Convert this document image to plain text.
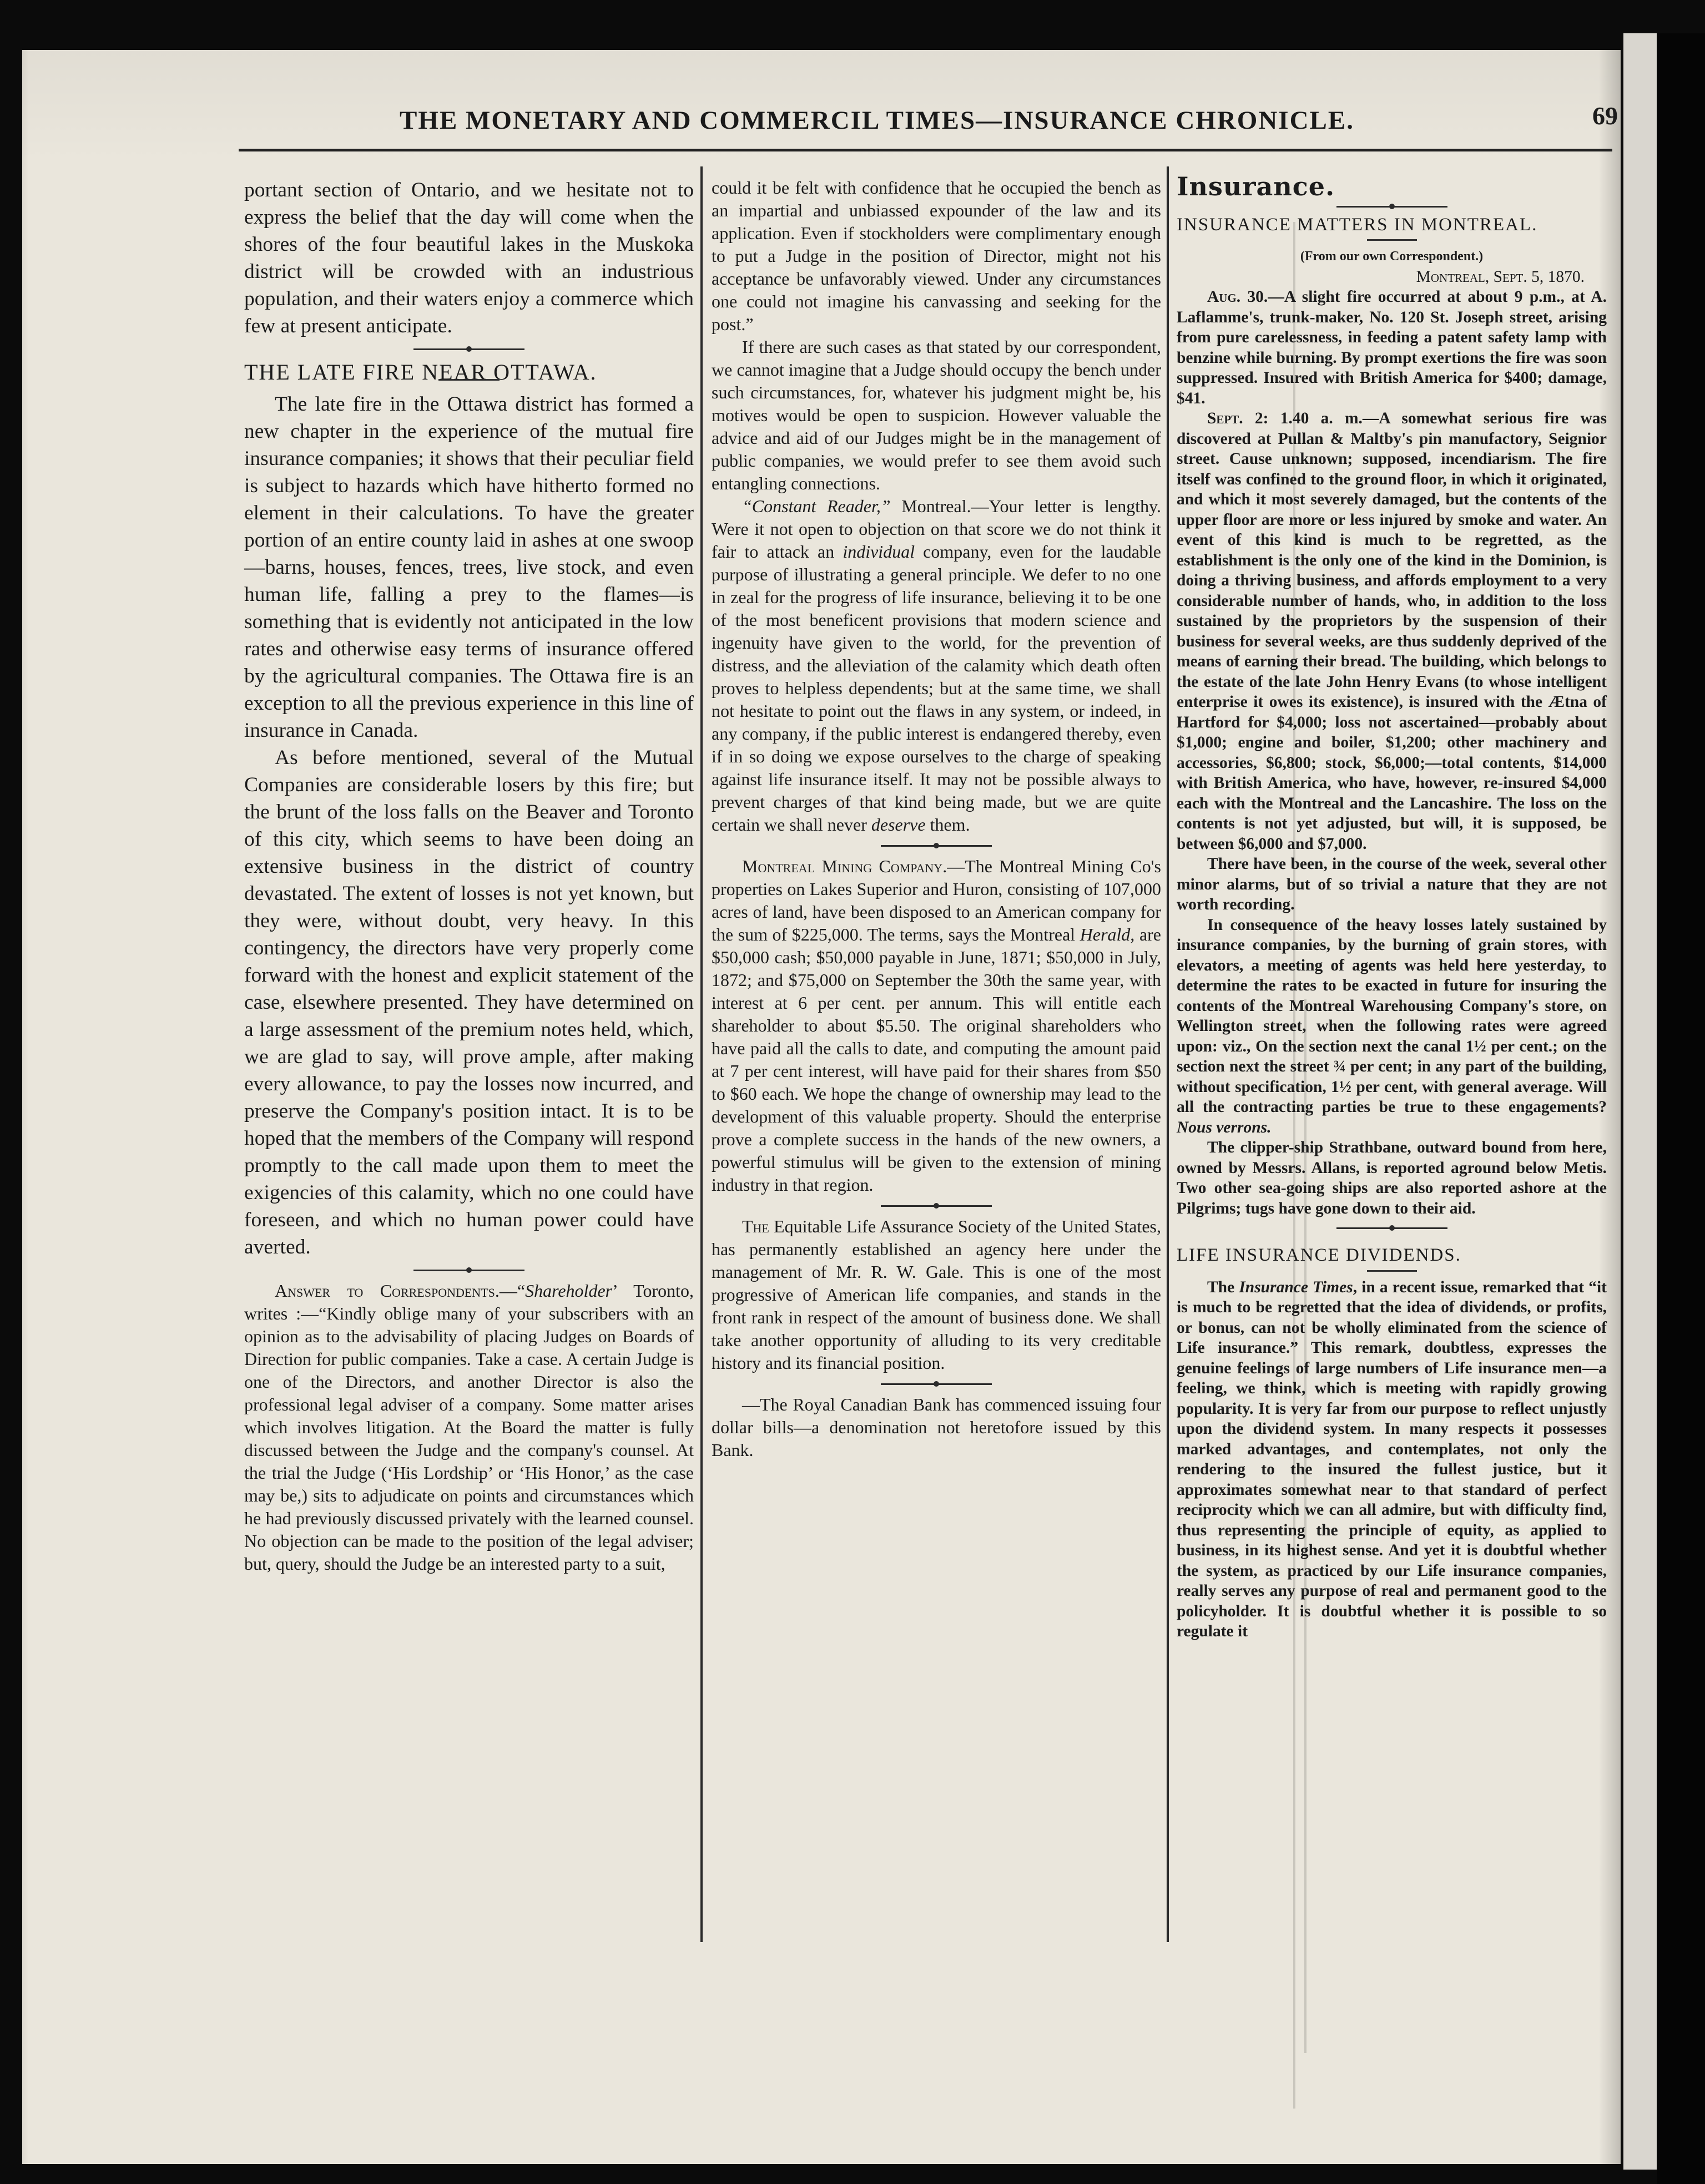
THE MONETARY AND COMMERCIL TIMES—INSURANCE CHRONICLE.	69

portant section of Ontario, and we hesitate not to express the belief that the day will come when the shores of the four beautiful lakes in the Muskoka district will be crowded with an industrious population, and their waters enjoy a commerce which few at present anticipate.

THE LATE FIRE NEAR OTTAWA.

The late fire in the Ottawa district has formed a new chapter in the experience of the mutual fire insurance companies; it shows that their peculiar field is subject to hazards which have hitherto formed no element in their calculations. To have the greater portion of an entire county laid in ashes at one swoop—barns, houses, fences, trees, live stock, and even human life, falling a prey to the flames—is something that is evidently not anticipated in the low rates and otherwise easy terms of insurance offered by the agricultural companies. The Ottawa fire is an exception to all the previous experience in this line of insurance in Canada.

As before mentioned, several of the Mutual Companies are considerable losers by this fire; but the brunt of the loss falls on the Beaver and Toronto of this city, which seems to have been doing an extensive business in the district of country devastated. The extent of losses is not yet known, but they were, without doubt, very heavy. In this contingency, the directors have very properly come forward with the honest and explicit statement of the case, elsewhere presented. They have determined on a large assessment of the premium notes held, which, we are glad to say, will prove ample, after making every allowance, to pay the losses now incurred, and preserve the Company's position intact. It is to be hoped that the members of the Company will respond promptly to the call made upon them to meet the exigencies of this calamity, which no one could have foreseen, and which no human power could have averted.

Answer to Correspondents.—“Shareholder’ Toronto, writes :—“Kindly oblige many of your subscribers with an opinion as to the advisability of placing Judges on Boards of Direction for public companies. Take a case. A certain Judge is one of the Directors, and another Director is also the professional legal adviser of a company. Some matter arises which involves litigation. At the Board the matter is fully discussed between the Judge and the company's counsel. At the trial the Judge (‘His Lordship’ or ‘His Honor,’ as the case may be,) sits to adjudicate on points and circumstances which he had previously discussed privately with the learned counsel. No objection can be made to the position of the legal adviser; but, query, should the Judge be an interested party to a suit,

could it be felt with confidence that he occupied the bench as an impartial and unbiassed expounder of the law and its application. Even if stockholders were complimentary enough to put a Judge in the position of Director, might not his acceptance be unfavorably viewed. Under any circumstances one could not imagine his canvassing and seeking for the post.”

If there are such cases as that stated by our correspondent, we cannot imagine that a Judge should occupy the bench under such circumstances, for, whatever his judgment might be, his motives would be open to suspicion. However valuable the advice and aid of our Judges might be in the management of public companies, we would prefer to see them avoid such entangling connections.

“Constant Reader,” Montreal.—Your letter is lengthy. Were it not open to objection on that score we do not think it fair to attack an individual company, even for the laudable purpose of illustrating a general principle. We defer to no one in zeal for the progress of life insurance, believing it to be one of the most beneficent provisions that modern science and ingenuity have given to the world, for the prevention of distress, and the alleviation of the calamity which death often proves to helpless dependents; but at the same time, we shall not hesitate to point out the flaws in any system, or indeed, in any company, if the public interest is endangered thereby, even if in so doing we expose ourselves to the charge of speaking against life insurance itself. It may not be possible always to prevent charges of that kind being made, but we are quite certain we shall never deserve them.

Montreal Mining Company.—The Montreal Mining Co's properties on Lakes Superior and Huron, consisting of 107,000 acres of land, have been disposed to an American company for the sum of $225,000. The terms, says the Montreal Herald, are $50,000 cash; $50,000 payable in June, 1871; $50,000 in July, 1872; and $75,000 on September the 30th the same year, with interest at 6 per cent. per annum. This will entitle each shareholder to about $5.50. The original shareholders who have paid all the calls to date, and computing the amount paid at 7 per cent interest, will have paid for their shares from $50 to $60 each. We hope the change of ownership may lead to the development of this valuable property. Should the enterprise prove a complete success in the hands of the new owners, a powerful stimulus will be given to the extension of mining industry in that region.

The Equitable Life Assurance Society of the United States, has permanently established an agency here under the management of Mr. R. W. Gale. This is one of the most progressive of American life companies, and stands in the front rank in respect of the amount of business done. We shall take another opportunity of alluding to its very creditable history and its financial position.

—The Royal Canadian Bank has commenced issuing four dollar bills—a denomination not heretofore issued by this Bank.

Insurance.

INSURANCE MATTERS IN MONTREAL.

(From our own Correspondent.)

Montreal, Sept. 5, 1870.

Aug. 30.—A slight fire occurred at about 9 p.m., at A. Laflamme's, trunk-maker, No. 120 St. Joseph street, arising from pure carelessness, in feeding a patent safety lamp with benzine while burning. By prompt exertions the fire was soon suppressed. Insured with British America for $400; damage, $41.

Sept. 2: 1.40 a. m.—A somewhat serious fire was discovered at Pullan & Maltby's pin manufactory, Seignior street. Cause unknown; supposed, incendiarism. The fire itself was confined to the ground floor, in which it originated, and which it most severely damaged, but the contents of the upper floor are more or less injured by smoke and water. An event of this kind is much to be regretted, as the establishment is the only one of the kind in the Dominion, is doing a thriving business, and affords employment to a very considerable number of hands, who, in addition to the loss sustained by the proprietors by the suspension of their business for several weeks, are thus suddenly deprived of the means of earning their bread. The building, which belongs to the estate of the late John Henry Evans (to whose intelligent enterprise it owes its existence), is insured with the Ætna of Hartford for $4,000; loss not ascertained—probably about $1,000; engine and boiler, $1,200; other machinery and accessories, $6,800; stock, $6,000;—total contents, $14,000 with British America, who have, however, re-insured $4,000 each with the Montreal and the Lancashire. The loss on the contents is not yet adjusted, but will, it is supposed, be between $6,000 and $7,000.

There have been, in the course of the week, several other minor alarms, but of so trivial a nature that they are not worth recording.

In consequence of the heavy losses lately sustained by insurance companies, by the burning of grain stores, with elevators, a meeting of agents was held here yesterday, to determine the rates to be exacted in future for insuring the contents of the Montreal Warehousing Company's store, on Wellington street, when the following rates were agreed upon: viz., On the section next the canal 1½ per cent.; on the section next the street ¾ per cent; in any part of the building, without specification, 1½ per cent, with general average. Will all the contracting parties be true to these engagements? Nous verrons.

The clipper-ship Strathbane, outward bound from here, owned by Messrs. Allans, is reported aground below Metis. Two other sea-going ships are also reported ashore at the Pilgrims; tugs have gone down to their aid.

LIFE INSURANCE DIVIDENDS.

The Insurance Times, in a recent issue, remarked that “it is much to be regretted that the idea of dividends, or profits, or bonus, can not be wholly eliminated from the science of Life insurance.” This remark, doubtless, expresses the genuine feelings of large numbers of Life insurance men—a feeling, we think, which is meeting with rapidly growing popularity. It is very far from our purpose to reflect unjustly upon the dividend system. In many respects it possesses marked advantages, and contemplates, not only the rendering to the insured the fullest justice, but it approximates somewhat near to that standard of perfect reciprocity which we can all admire, but with difficulty find, thus representing the principle of equity, as applied to business, in its highest sense. And yet it is doubtful whether the system, as practiced by our Life insurance companies, really serves any purpose of real and permanent good to the policyholder. It is doubtful whether it is possible to so regulate it
